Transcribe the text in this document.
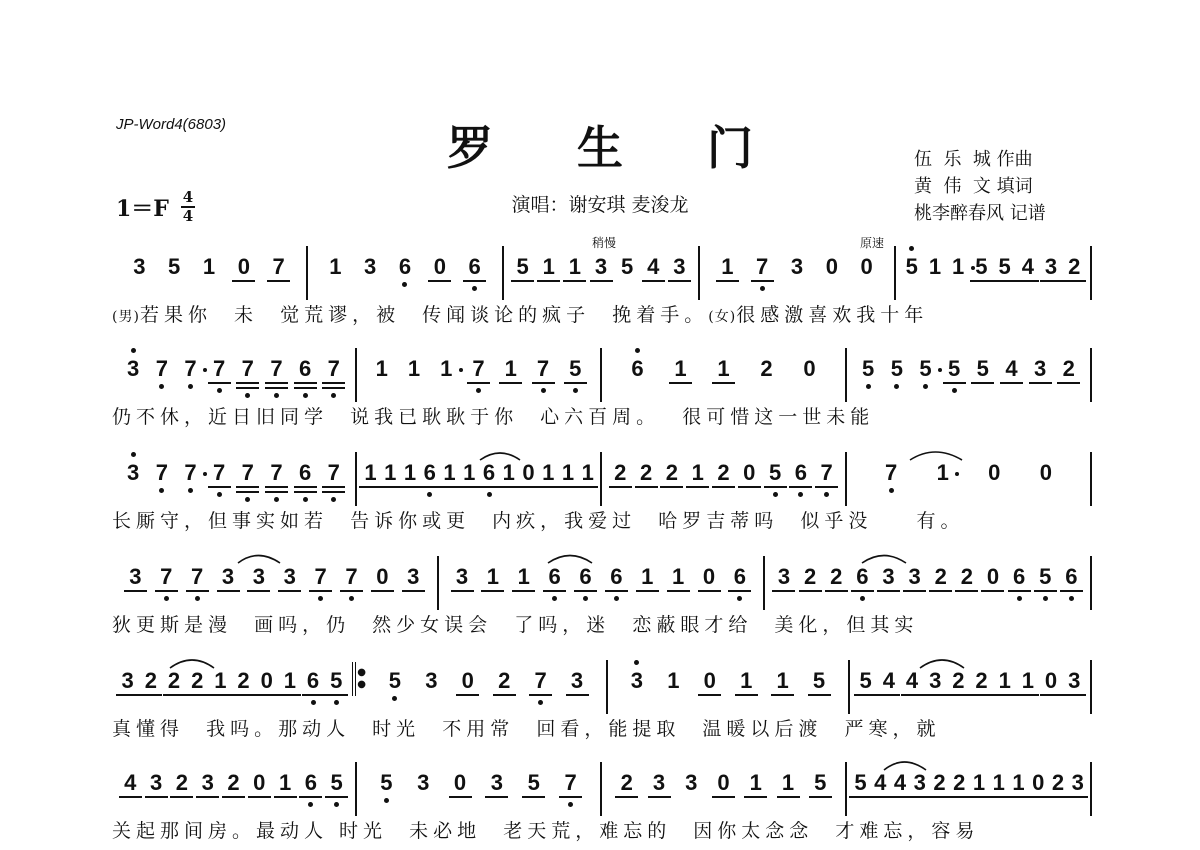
JP-Word4(6803)	罗 生 门
演唱：谢安琪 麦浚龙
1＝F 4
4
伍  乐  城 作曲
黄  伟  文 填词
桃李醉春风 记谱
稍慢	原速
3 5 1 0 7 1 3 6 0 6 5 1 1 3 5 4 3 1 7 3 0 0 5 1 1 5 5 4 3 2
(男)若果你  未  觉荒谬，被  传闻谈论的疯子  挽着手。(女)很感激喜欢我十年
3 7 7 7 7 7 6 7 1 1 1 7 1 7 5 6 1 1 2 0 5 5 5 5 5 4 3 2
仍不休，近日旧同学  说我已耿耿于你  心六百周。  很可惜这一世未能
3 7 7 7 7 7 6 7 1 1 1 6 1 1 6 1 0 1 1 1 2 2 2 1 2 0 5 6 7 7 1 0 0
长厮守，但事实如若  告诉你或更  内疚，我爱过  哈罗吉蒂吗  似乎没    有。
3 7 7 3 3 3 7 7 0 3 3 1 1 6 6 6 1 1 0 6 3 2 2 6 3 3 2 2 0 6 5 6
狄更斯是漫  画吗，仍  然少女误会  了吗，迷  恋蔽眼才给  美化，但其实
3 2 2 2 1 2 0 1 6 5	●
● 5 3 0 2 7 3 3 1 0 1 1 5 5 4 4 3 2 2 1 1 0 3
真懂得  我吗。那动人  时光  不用常  回看，能提取  温暖以后渡  严寒，就
4 3 2 3 2 0 1 6 5 5 3 0 3 5 7 2 3 3 0 1 1 5 5 4 4 3 2 2 1 1 1 0 2 3
关起那间房。最动人 时光  未必地  老天荒，难忘的  因你太念念  才难忘，容易
